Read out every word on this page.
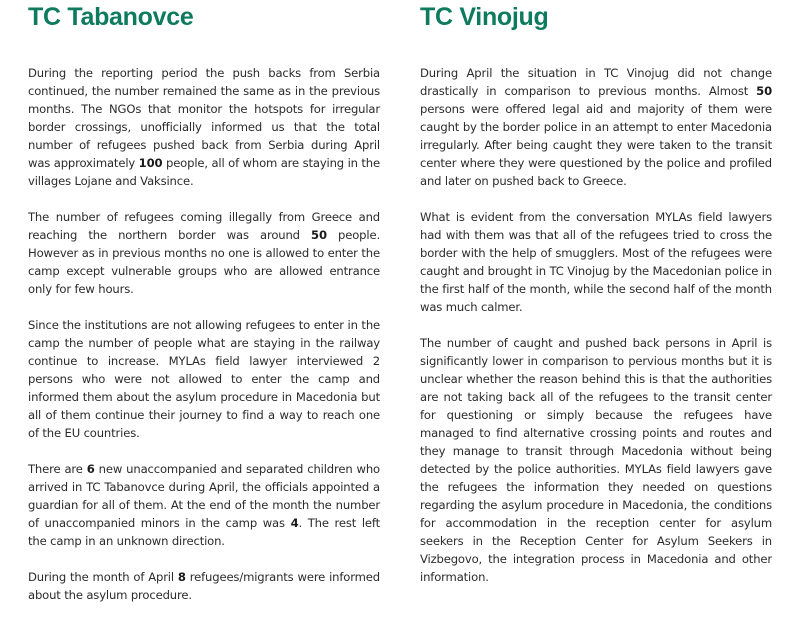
TC Tabanovce

During the reporting period the push backs from Serbia continued, the number remained the same as in the previous months. The NGOs that monitor the hotspots for irregular border crossings, unofficially informed us that the total number of refugees pushed back from Serbia during April was approximately 100 people, all of whom are staying in the villages Lojane and Vaksince.

The number of refugees coming illegally from Greece and reaching the northern border was around 50 people. However as in previous months no one is allowed to enter the camp except vulnerable groups who are allowed entrance only for few hours.

Since the institutions are not allowing refugees to enter in the camp the number of people what are staying in the railway continue to increase. MYLAs field lawyer interviewed 2 persons who were not allowed to enter the camp and informed them about the asylum procedure in Macedonia but all of them continue their journey to find a way to reach one of the EU countries.

There are 6 new unaccompanied and separated children who arrived in TC Tabanovce during April, the officials appointed a guardian for all of them. At the end of the month the number of unaccompanied minors in the camp was 4. The rest left the camp in an unknown direction.

During the month of April 8 refugees/migrants were informed about the asylum procedure.

TC Vinojug

During April the situation in TC Vinojug did not change drastically in comparison to previous months. Almost 50 persons were offered legal aid and majority of them were caught by the border police in an attempt to enter Macedonia irregularly. After being caught they were taken to the transit center where they were questioned by the police and profiled and later on pushed back to Greece.

What is evident from the conversation MYLAs field lawyers had with them was that all of the refugees tried to cross the border with the help of smugglers. Most of the refugees were caught and brought in TC Vinojug by the Macedonian police in the first half of the month, while the second half of the month was much calmer.

The number of caught and pushed back persons in April is significantly lower in comparison to pervious months but it is unclear whether the reason behind this is that the authorities are not taking back all of the refugees to the transit center for questioning or simply because the refugees have managed to find alternative crossing points and routes and they manage to transit through Macedonia without being detected by the police authorities. MYLAs field lawyers gave the refugees the information they needed on questions regarding the asylum procedure in Macedonia, the conditions for accommodation in the reception center for asylum seekers in the Reception Center for Asylum Seekers in Vizbegovo, the integration process in Macedonia and other information.
